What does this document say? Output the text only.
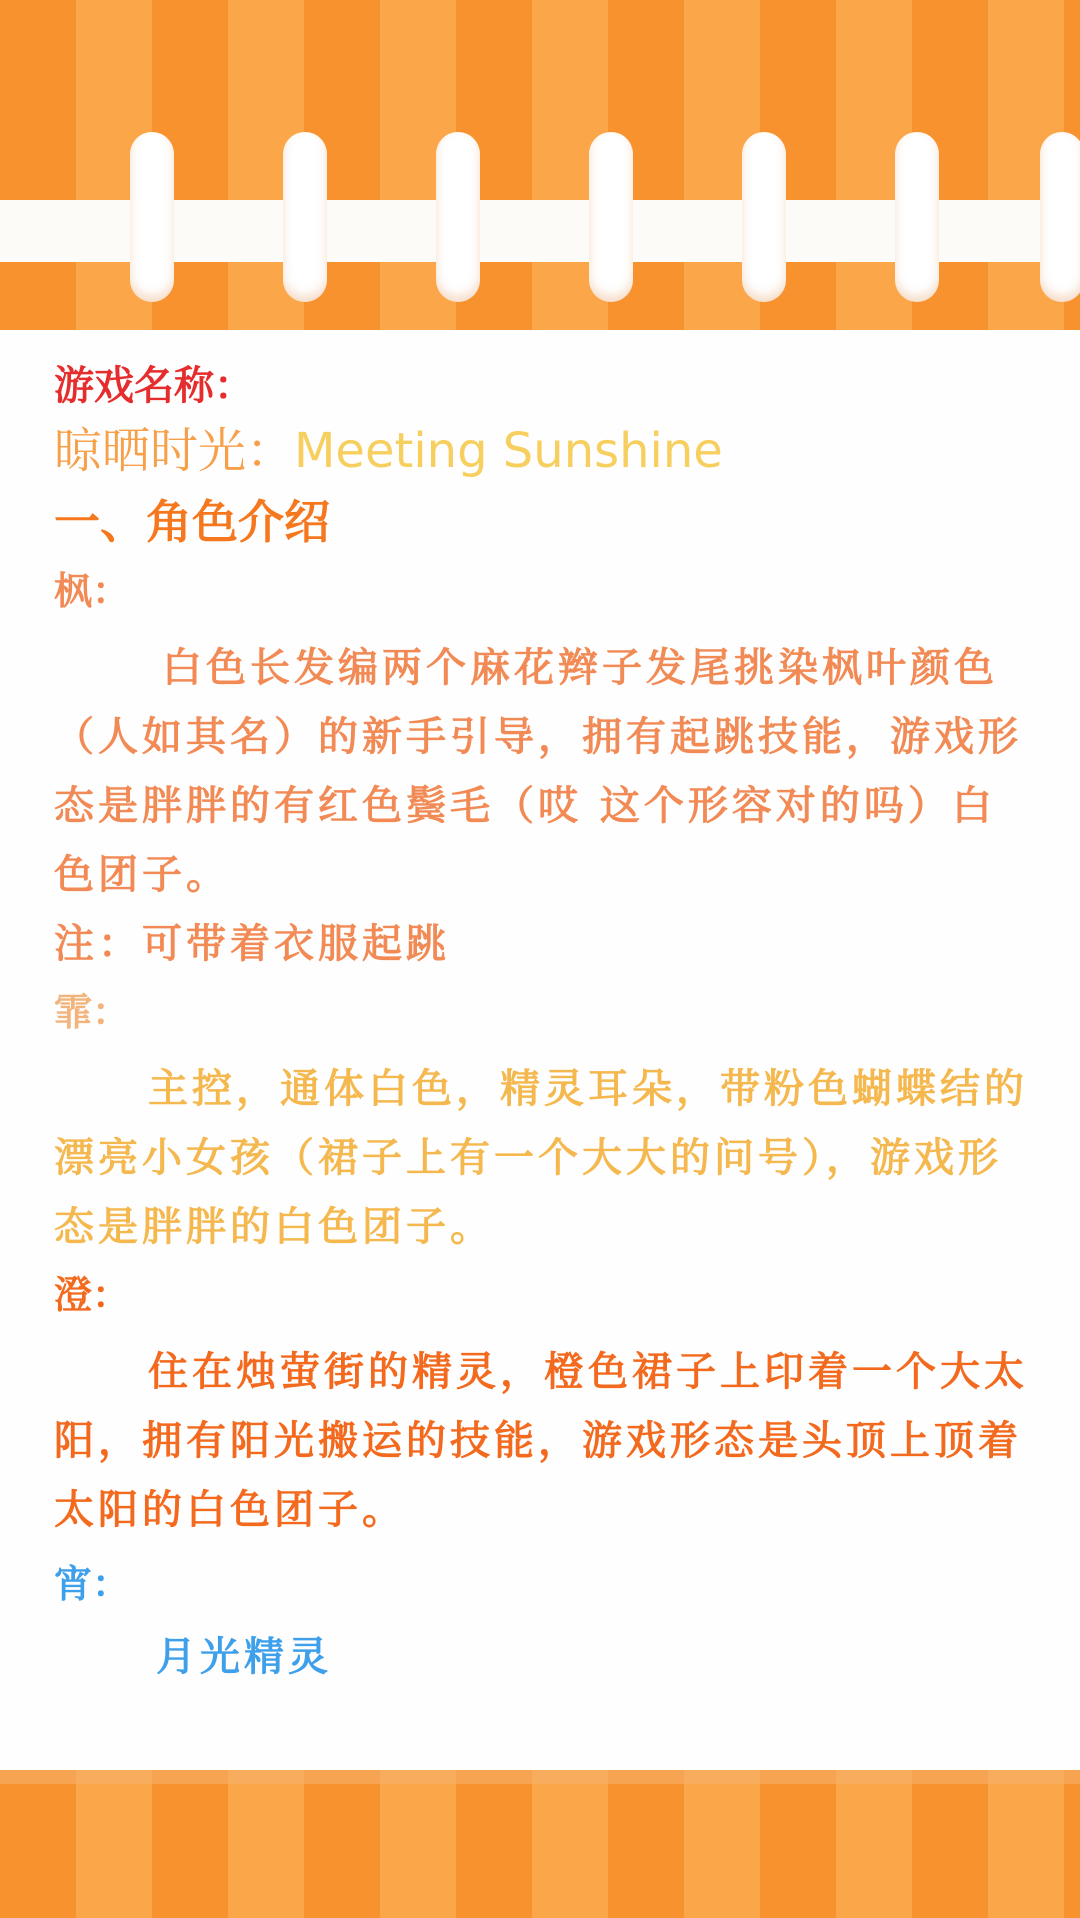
游戏名称：
晾晒时光：Meeting Sunshine
一、角色介绍
枫：

白色长发编两个麻花辫子发尾挑染枫叶颜色（人如其名）的新手引导，拥有起跳技能，游戏形态是胖胖的有红色鬓毛（哎 这个形容对的吗）白色团子。

注：可带着衣服起跳
霏：

主控，通体白色，精灵耳朵，带粉色蝴蝶结的漂亮小女孩（裙子上有一个大大的问号），游戏形态是胖胖的白色团子。

澄：

住在烛萤街的精灵，橙色裙子上印着一个大太阳，拥有阳光搬运的技能，游戏形态是头顶上顶着太阳的白色团子。

宵：

月光精灵
